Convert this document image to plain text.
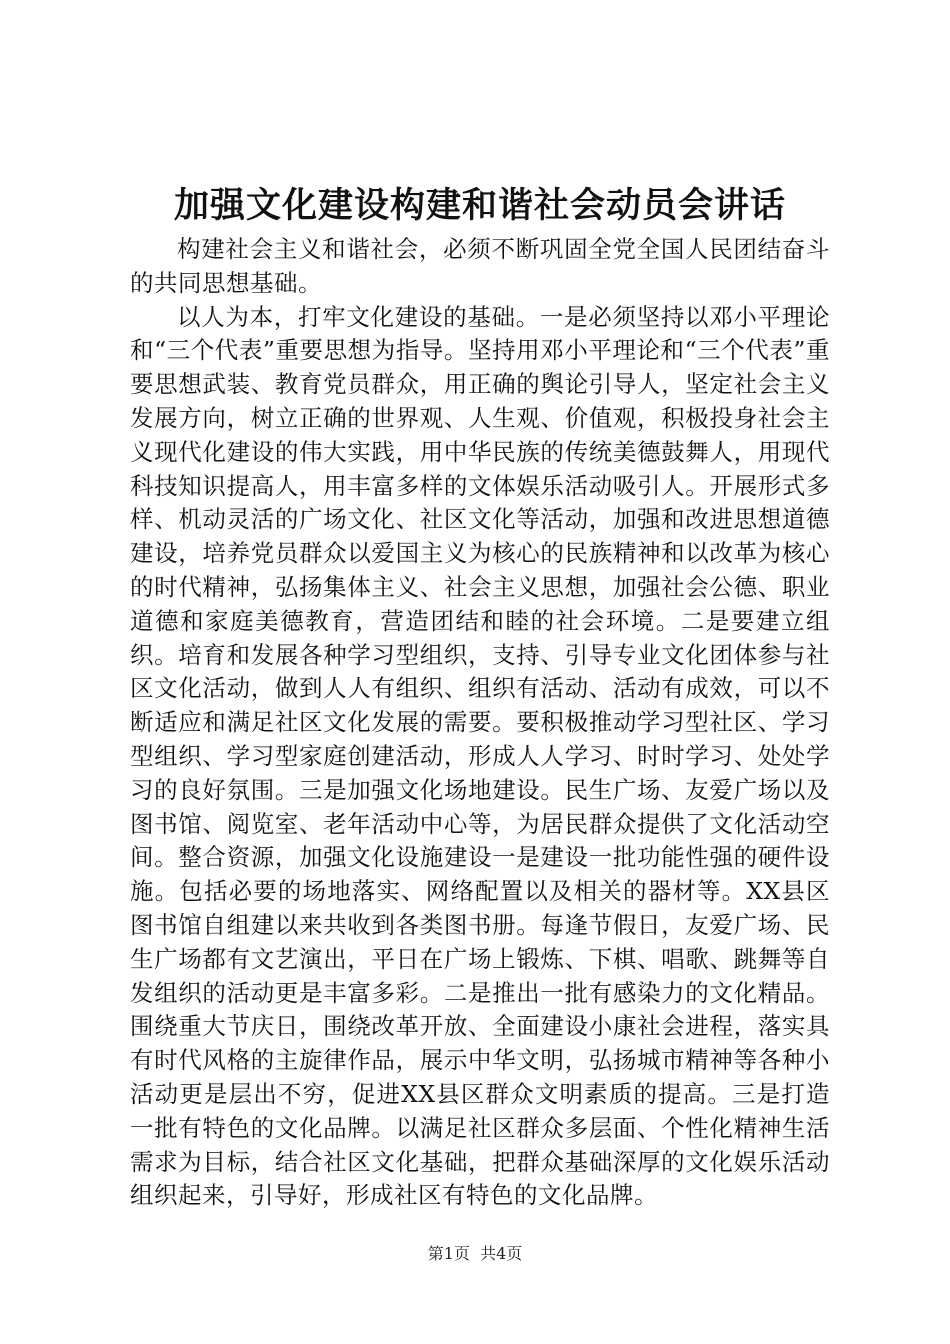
加强文化建设构建和谐社会动员会讲话

构建社会主义和谐社会，必须不断巩固全党全国人民团结奋斗的共同思想基础。

以人为本，打牢文化建设的基础。一是必须坚持以邓小平理论和“三个代表”重要思想为指导。坚持用邓小平理论和“三个代表”重要思想武装、教育党员群众，用正确的舆论引导人，坚定社会主义发展方向，树立正确的世界观、人生观、价值观，积极投身社会主义现代化建设的伟大实践，用中华民族的传统美德鼓舞人，用现代科技知识提高人，用丰富多样的文体娱乐活动吸引人。开展形式多样、机动灵活的广场文化、社区文化等活动，加强和改进思想道德建设，培养党员群众以爱国主义为核心的民族精神和以改革为核心的时代精神，弘扬集体主义、社会主义思想，加强社会公德、职业道德和家庭美德教育，营造团结和睦的社会环境。二是要建立组织。培育和发展各种学习型组织，支持、引导专业文化团体参与社区文化活动，做到人人有组织、组织有活动、活动有成效，可以不断适应和满足社区文化发展的需要。要积极推动学习型社区、学习型组织、学习型家庭创建活动，形成人人学习、时时学习、处处学习的良好氛围。三是加强文化场地建设。民生广场、友爱广场以及图书馆、阅览室、老年活动中心等，为居民群众提供了文化活动空间。整合资源，加强文化设施建设一是建设一批功能性强的硬件设施。包括必要的场地落实、网络配置以及相关的器材等。XX县区图书馆自组建以来共收到各类图书册。每逢节假日，友爱广场、民生广场都有文艺演出，平日在广场上锻炼、下棋、唱歌、跳舞等自发组织的活动更是丰富多彩。二是推出一批有感染力的文化精品。围绕重大节庆日，围绕改革开放、全面建设小康社会进程，落实具有时代风格的主旋律作品，展示中华文明，弘扬城市精神等各种小活动更是层出不穷，促进XX县区群众文明素质的提高。三是打造一批有特色的文化品牌。以满足社区群众多层面、个性化精神生活需求为目标，结合社区文化基础，把群众基础深厚的文化娱乐活动组织起来，引导好，形成社区有特色的文化品牌。

第1页 共4页
